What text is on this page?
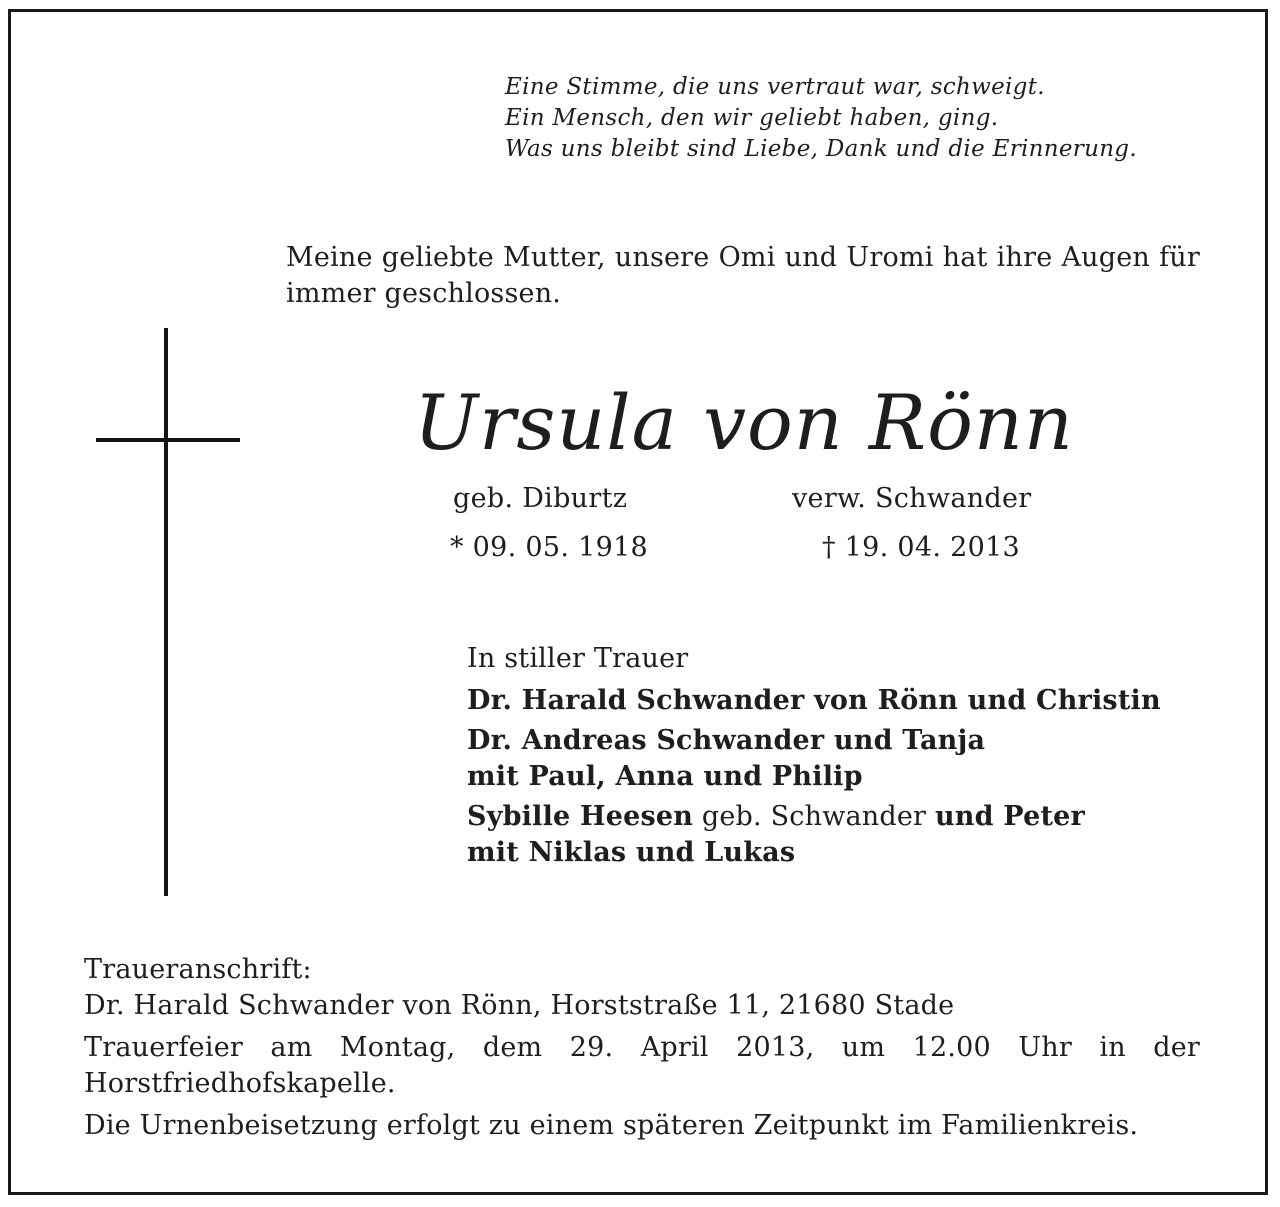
Eine Stimme, die uns vertraut war, schweigt.
Ein Mensch, den wir geliebt haben, ging.
Was uns bleibt sind Liebe, Dank und die Erinnerung.

Meine geliebte Mutter, unsere Omi und Uromi hat ihre Augen für immer geschlossen.

Ursula von Rönn
geb. Diburtz	verw. Schwander
* 09. 05. 1918	† 19. 04. 2013
In stiller Trauer
Dr. Harald Schwander von Rönn und Christin
Dr. Andreas Schwander und Tanja
mit Paul, Anna und Philip
Sybille Heesen geb. Schwander und Peter
mit Niklas und Lukas

Traueranschrift:

Dr. Harald Schwander von Rönn, Horststraße 11, 21680 Stade

Trauerfeier am Montag, dem 29. April 2013, um 12.00 Uhr in der Horstfriedhofskapelle.

Die Urnenbeisetzung erfolgt zu einem späteren Zeitpunkt im Familienkreis.
